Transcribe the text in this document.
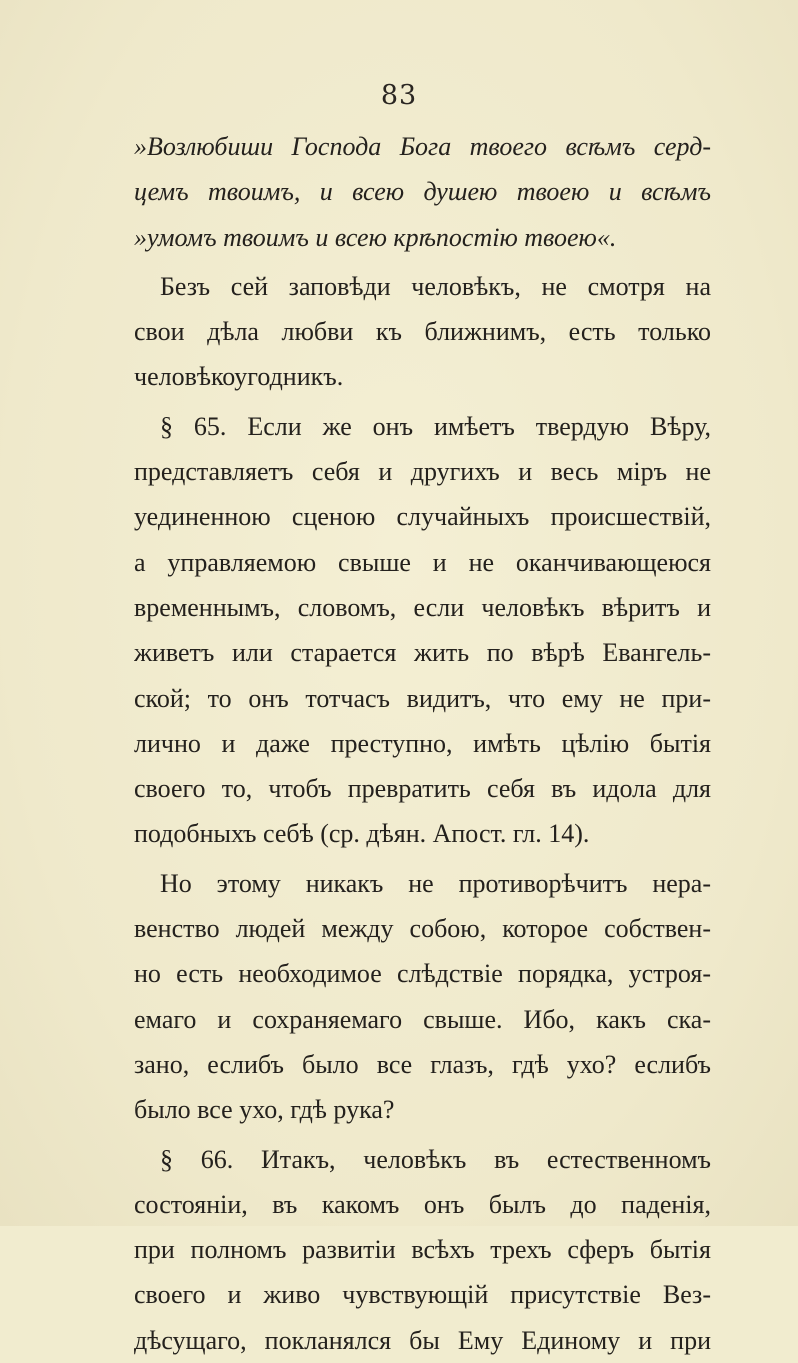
83
»Возлюбиши Господа Бога твоего всѣмъ серд-
цемъ твоимъ, и всею душею твоею и всѣмъ
»умомъ твоимъ и всею крѣпостію твоею«.
Безъ сей заповѣди человѣкъ, не смотря на
свои дѣла любви къ ближнимъ, есть только
человѣкоугодникъ.
§ 65. Если же онъ имѣетъ твердую Вѣру,
представляетъ себя и другихъ и весь міръ не
уединенною сценою случайныхъ происшествій,
а управляемою свыше и не оканчивающеюся
временнымъ, словомъ, если человѣкъ вѣритъ и
живетъ или старается жить по вѣрѣ Евангель-
ской; то онъ тотчасъ видитъ, что ему не при-
лично и даже преступно, имѣть цѣлію бытія
своего то, чтобъ превратить себя въ идола для
подобныхъ себѣ (ср. дѣян. Апост. гл. 14).
Но этому никакъ не противорѣчитъ нера-
венство людей между собою, которое собствен-
но есть необходимое слѣдствіе порядка, устроя-
емаго и сохраняемаго свыше. Ибо, какъ ска-
зано, еслибъ было все глазъ, гдѣ ухо? еслибъ
было все ухо, гдѣ рука?
§ 66. Итакъ, человѣкъ въ естественномъ
состояніи, въ какомъ онъ былъ до паденія,
при полномъ развитіи всѣхъ трехъ сферъ бытія
своего и живо чувствующій присутствіе Вез-
дѣсущаго, покланялся бы Ему Единому и при
